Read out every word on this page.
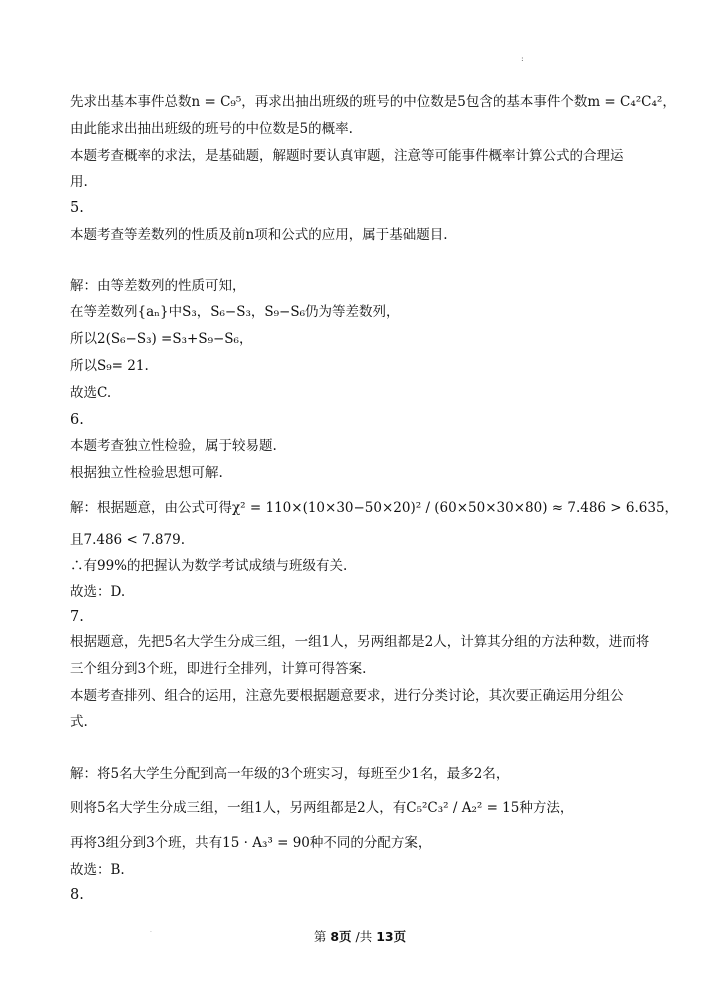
:
先求出基本事件总数n = C₉⁵，再求出抽出班级的班号的中位数是5包含的基本事件个数m = C₄²C₄²，
由此能求出抽出班级的班号的中位数是5的概率.
本题考查概率的求法，是基础题，解题时要认真审题，注意等可能事件概率计算公式的合理运
用.
5.
本题考查等差数列的性质及前n项和公式的应用，属于基础题目.
解：由等差数列的性质可知，
在等差数列{aₙ}中S₃，S₆−S₃，S₉−S₆仍为等差数列，
所以2(S₆−S₃) =S₃+S₉−S₆，
所以S₉= 21.
故选C.
6.
本题考查独立性检验，属于较易题.
根据独立性检验思想可解.
解：根据题意，由公式可得χ² = 110×(10×30−50×20)² / (60×50×30×80) ≈ 7.486 > 6.635，
且7.486 < 7.879.
∴有99%的把握认为数学考试成绩与班级有关.
故选：D.
7.
根据题意，先把5名大学生分成三组，一组1人，另两组都是2人，计算其分组的方法种数，进而将
三个组分到3个班，即进行全排列，计算可得答案.
本题考查排列、组合的运用，注意先要根据题意要求，进行分类讨论，其次要正确运用分组公
式.
解：将5名大学生分配到高一年级的3个班实习，每班至少1名，最多2名，
则将5名大学生分成三组，一组1人，另两组都是2人，有C₅²C₃² / A₂² = 15种方法，
再将3组分到3个班，共有15 · A₃³ = 90种不同的分配方案，
故选：B.
8.
.	第 8页 /共 13页
